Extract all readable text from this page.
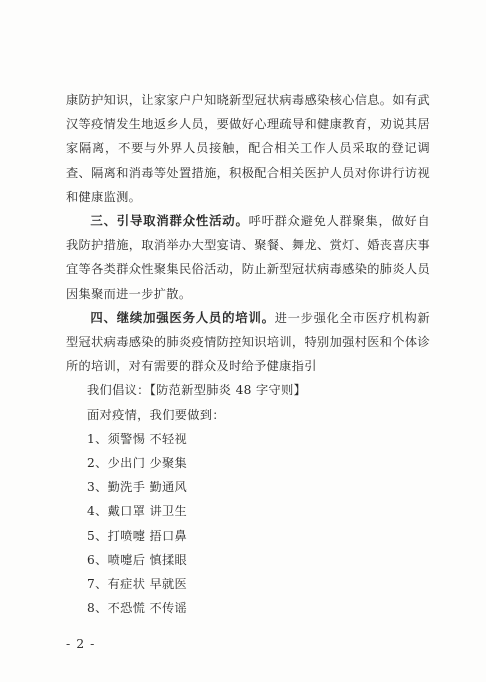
康防护知识，让家家户户知晓新型冠状病毒感染核心信息。如有武汉等疫情发生地返乡人员，要做好心理疏导和健康教育，劝说其居家隔离，不要与外界人员接触，配合相关工作人员采取的登记调查、隔离和消毒等处置措施，积极配合相关医护人员对你讲行访视和健康监测。

三、引导取消群众性活动。呼吁群众避免人群聚集，做好自我防护措施，取消举办大型宴请、聚餐、舞龙、赏灯、婚丧喜庆事宜等各类群众性聚集民俗活动，防止新型冠状病毒感染的肺炎人员因集聚而进一步扩散。

四、继续加强医务人员的培训。进一步强化全市医疗机构新型冠状病毒感染的肺炎疫情防控知识培训，特别加强村医和个体诊所的培训，对有需要的群众及时给予健康指引

我们倡议：【防范新型肺炎 48 字守则】

面对疫情，我们要做到：

1、须警惕 不轻视
2、少出门 少聚集
3、勤洗手 勤通风
4、戴口罩 讲卫生
5、打喷嚏 捂口鼻
6、喷嚏后 慎揉眼
7、有症状 早就医
8、不恐慌 不传谣
- 2 -
